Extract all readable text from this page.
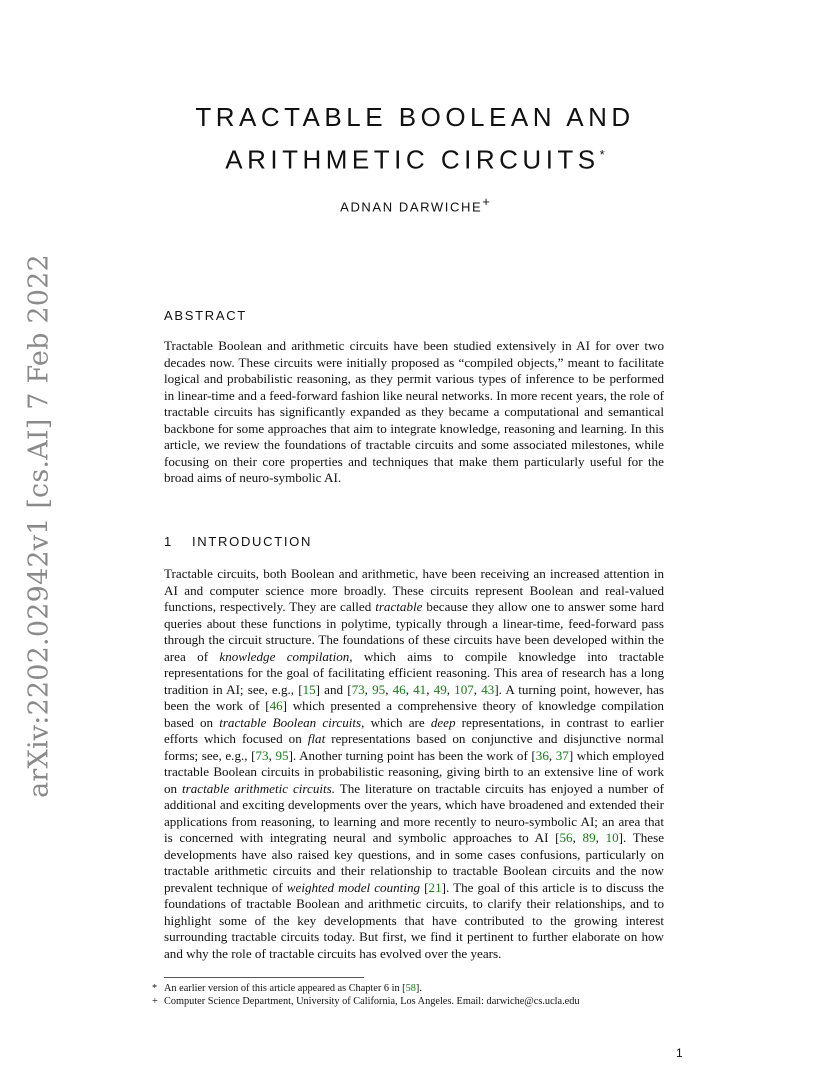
arXiv:2202.02942v1 [cs.AI] 7 Feb 2022
TRACTABLE BOOLEAN AND
ARITHMETIC CIRCUITS*
ADNAN DARWICHE+
ABSTRACT
Tractable Boolean and arithmetic circuits have been studied extensively in AI for over two decades now. These circuits were initially proposed as “compiled objects,” meant to facilitate logical and probabilistic reasoning, as they permit various types of inference to be performed in linear-time and a feed-forward fashion like neural networks. In more recent years, the role of tractable circuits has significantly expanded as they became a computational and semantical backbone for some approaches that aim to integrate knowledge, reasoning and learning. In this article, we review the foundations of tractable circuits and some associated milestones, while focusing on their core properties and techniques that make them particularly useful for the broad aims of neuro-symbolic AI.
1 INTRODUCTION
Tractable circuits, both Boolean and arithmetic, have been receiving an increased attention in AI and computer science more broadly. These circuits represent Boolean and real-valued functions, respectively. They are called tractable because they allow one to answer some hard queries about these functions in polytime, typically through a linear-time, feed-forward pass through the circuit structure. The foundations of these circuits have been developed within the area of knowledge compilation, which aims to compile knowledge into tractable representations for the goal of facilitating efficient reasoning. This area of research has a long tradition in AI; see, e.g., [15] and [73, 95, 46, 41, 49, 107, 43]. A turning point, however, has been the work of [46] which presented a comprehensive theory of knowledge compilation based on tractable Boolean circuits, which are deep representations, in contrast to earlier efforts which focused on flat representations based on conjunctive and disjunctive normal forms; see, e.g., [73, 95]. Another turning point has been the work of [36, 37] which employed tractable Boolean circuits in probabilistic reasoning, giving birth to an extensive line of work on tractable arithmetic circuits. The literature on tractable circuits has enjoyed a number of additional and exciting developments over the years, which have broadened and extended their applications from reasoning, to learning and more recently to neuro-symbolic AI; an area that is concerned with integrating neural and symbolic approaches to AI [56, 89, 10]. These developments have also raised key questions, and in some cases confusions, particularly on tractable arithmetic circuits and their relationship to tractable Boolean circuits and the now prevalent technique of weighted model counting [21]. The goal of this article is to discuss the foundations of tractable Boolean and arithmetic circuits, to clarify their relationships, and to highlight some of the key developments that have contributed to the growing interest surrounding tractable circuits today. But first, we find it pertinent to further elaborate on how and why the role of tractable circuits has evolved over the years.
* An earlier version of this article appeared as Chapter 6 in [58].
+ Computer Science Department, University of California, Los Angeles. Email: darwiche@cs.ucla.edu
1
